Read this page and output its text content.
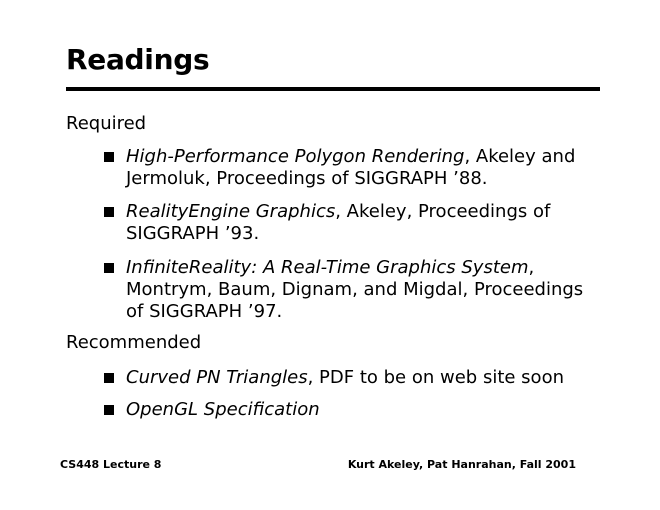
Readings
Required
High-Performance Polygon Rendering, Akeley and Jermoluk, Proceedings of SIGGRAPH ’88.
RealityEngine Graphics, Akeley, Proceedings of SIGGRAPH ’93.
InfiniteReality: A Real-Time Graphics System, Montrym, Baum, Dignam, and Migdal, Proceedings of SIGGRAPH ’97.
Recommended
Curved PN Triangles, PDF to be on web site soon
OpenGL Specification
CS448 Lecture 8	Kurt Akeley, Pat Hanrahan, Fall 2001
